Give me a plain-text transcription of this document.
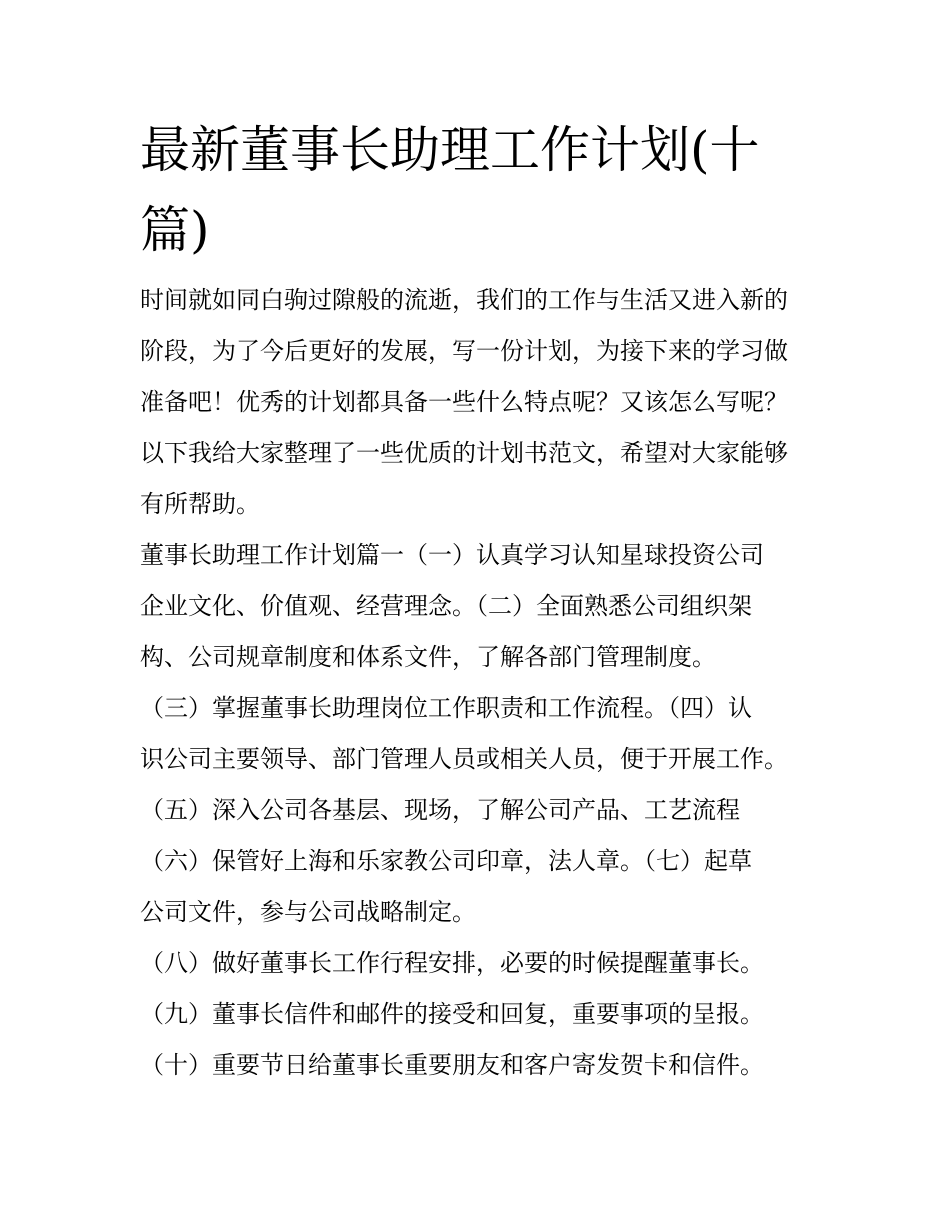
最新董事长助理工作计划(十
篇)

时间就如同白驹过隙般的流逝，我们的工作与生活又进入新的
阶段，为了今后更好的发展，写一份计划，为接下来的学习做
准备吧！优秀的计划都具备一些什么特点呢？又该怎么写呢？
以下我给大家整理了一些优质的计划书范文，希望对大家能够
有所帮助。

董事长助理工作计划篇一（一）认真学习认知星球投资公司
企业文化、价值观、经营理念。（二）全面熟悉公司组织架
构、公司规章制度和体系文件，了解各部门管理制度。

（三）掌握董事长助理岗位工作职责和工作流程。（四）认
识公司主要领导、部门管理人员或相关人员，便于开展工作。

（五）深入公司各基层、现场，了解公司产品、工艺流程

（六）保管好上海和乐家教公司印章，法人章。（七）起草
公司文件，参与公司战略制定。

（八）做好董事长工作行程安排，必要的时候提醒董事长。

（九）董事长信件和邮件的接受和回复，重要事项的呈报。

（十）重要节日给董事长重要朋友和客户寄发贺卡和信件。
